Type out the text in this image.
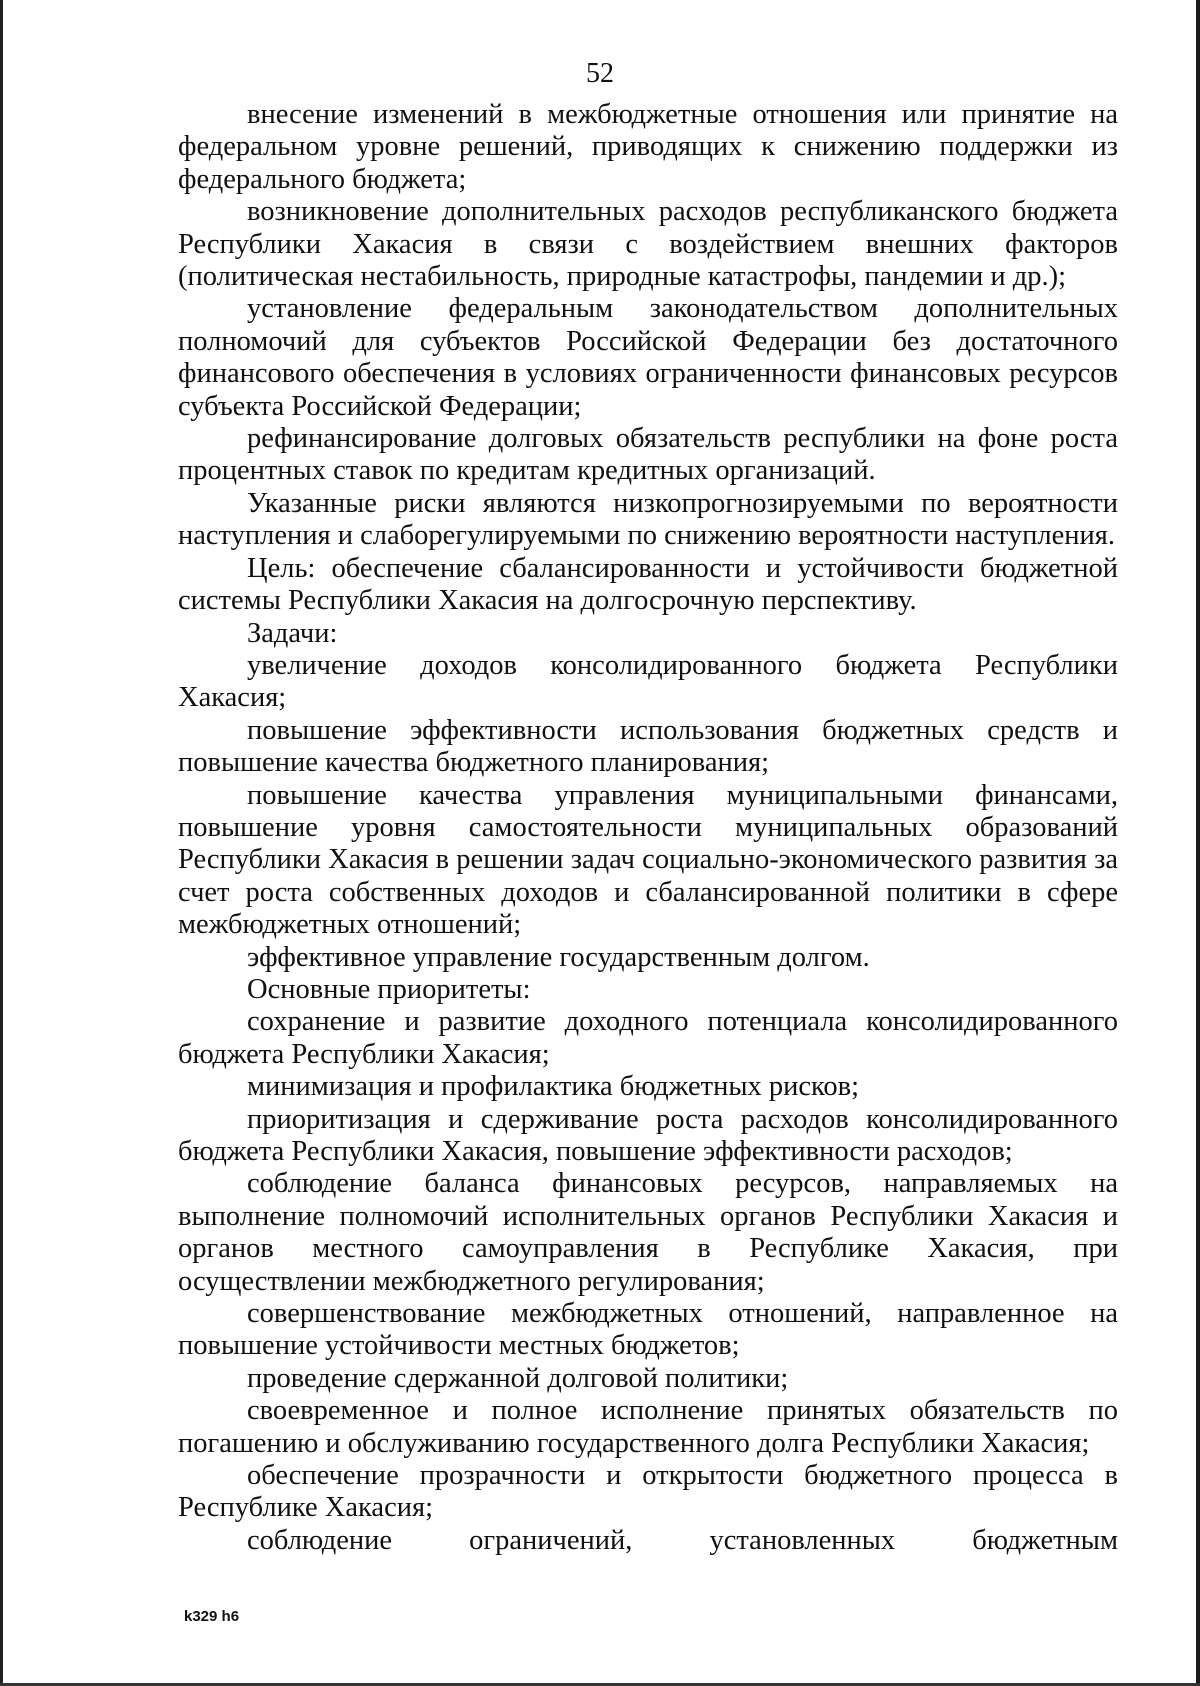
52

внесение изменений в межбюджетные отношения или принятие на федеральном уровне решений, приводящих к снижению поддержки из федерального бюджета;

возникновение дополнительных расходов республиканского бюджета Республики Хакасия в связи с воздействием внешних факторов (политическая нестабильность, природные катастрофы, пандемии и др.);

установление федеральным законодательством дополнительных полномочий для субъектов Российской Федерации без достаточного финансового обеспечения в условиях ограниченности финансовых ресурсов субъекта Российской Федерации;

рефинансирование долговых обязательств республики на фоне роста процентных ставок по кредитам кредитных организаций.

Указанные риски являются низкопрогнозируемыми по вероятности наступления и слаборегулируемыми по снижению вероятности наступления.

Цель: обеспечение сбалансированности и устойчивости бюджетной системы Республики Хакасия на долгосрочную перспективу.

Задачи:

увеличение доходов консолидированного бюджета Республики Хакасия;

повышение эффективности использования бюджетных средств и повышение качества бюджетного планирования;

повышение качества управления муниципальными финансами, повышение уровня самостоятельности муниципальных образований Республики Хакасия в решении задач социально-экономического развития за счет роста собственных доходов и сбалансированной политики в сфере межбюджетных отношений;

эффективное управление государственным долгом.

Основные приоритеты:

сохранение и развитие доходного потенциала консолидированного бюджета Республики Хакасия;

минимизация и профилактика бюджетных рисков;

приоритизация и сдерживание роста расходов консолидированного бюджета Республики Хакасия, повышение эффективности расходов;

соблюдение баланса финансовых ресурсов, направляемых на выполнение полномочий исполнительных органов Республики Хакасия и органов местного самоуправления в Республике Хакасия, при осуществлении межбюджетного регулирования;

совершенствование межбюджетных отношений, направленное на повышение устойчивости местных бюджетов;

проведение сдержанной долговой политики;

своевременное и полное исполнение принятых обязательств по погашению и обслуживанию государственного долга Республики Хакасия;

обеспечение прозрачности и открытости бюджетного процесса в Республике Хакасия;

соблюдение ограничений, установленных бюджетным

k329 h6
